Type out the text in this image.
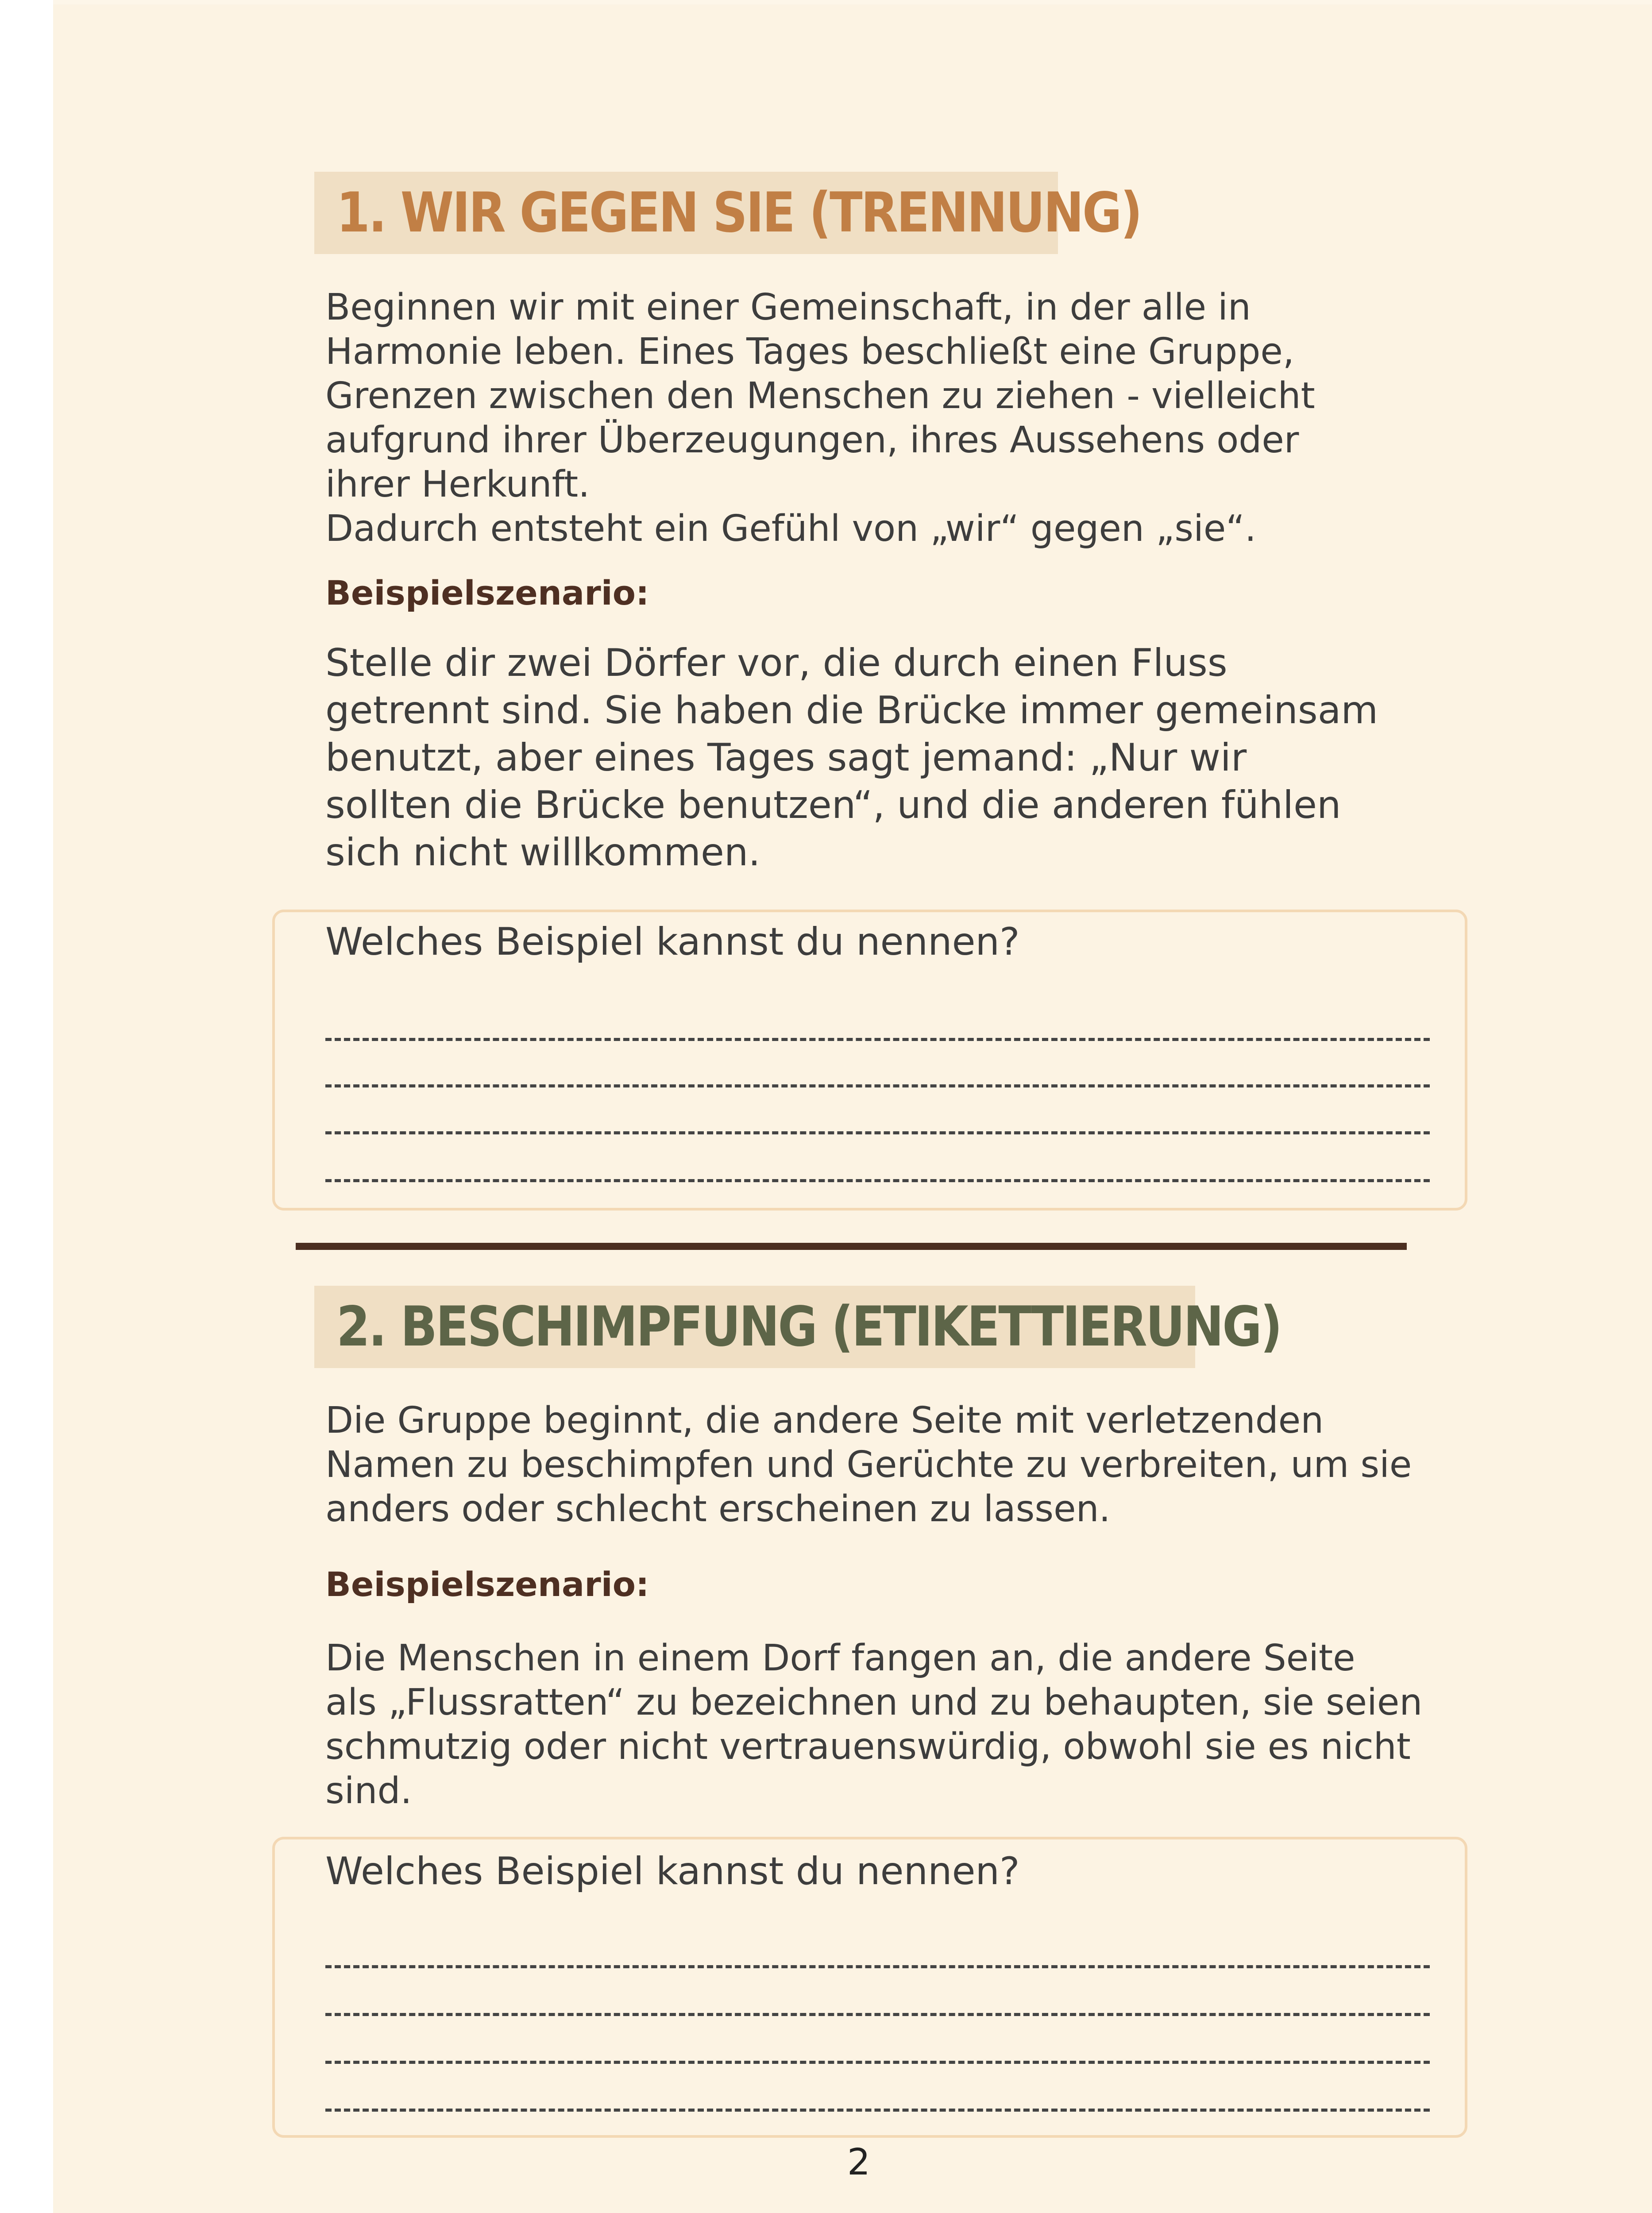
1. WIR GEGEN SIE (TRENNUNG)
Beginnen wir mit einer Gemeinschaft, in der alle in
Harmonie leben. Eines Tages beschließt eine Gruppe,
Grenzen zwischen den Menschen zu ziehen - vielleicht
aufgrund ihrer Überzeugungen, ihres Aussehens oder
ihrer Herkunft.
Dadurch entsteht ein Gefühl von „wir“ gegen „sie“.
Beispielszenario:
Stelle dir zwei Dörfer vor, die durch einen Fluss
getrennt sind. Sie haben die Brücke immer gemeinsam
benutzt, aber eines Tages sagt jemand: „Nur wir
sollten die Brücke benutzen“, und die anderen fühlen
sich nicht willkommen.
Welches Beispiel kannst du nennen?
2. BESCHIMPFUNG (ETIKETTIERUNG)
Die Gruppe beginnt, die andere Seite mit verletzenden
Namen zu beschimpfen und Gerüchte zu verbreiten, um sie
anders oder schlecht erscheinen zu lassen.
Beispielszenario:
Die Menschen in einem Dorf fangen an, die andere Seite
als „Flussratten“ zu bezeichnen und zu behaupten, sie seien
schmutzig oder nicht vertrauenswürdig, obwohl sie es nicht
sind.
Welches Beispiel kannst du nennen?
2
